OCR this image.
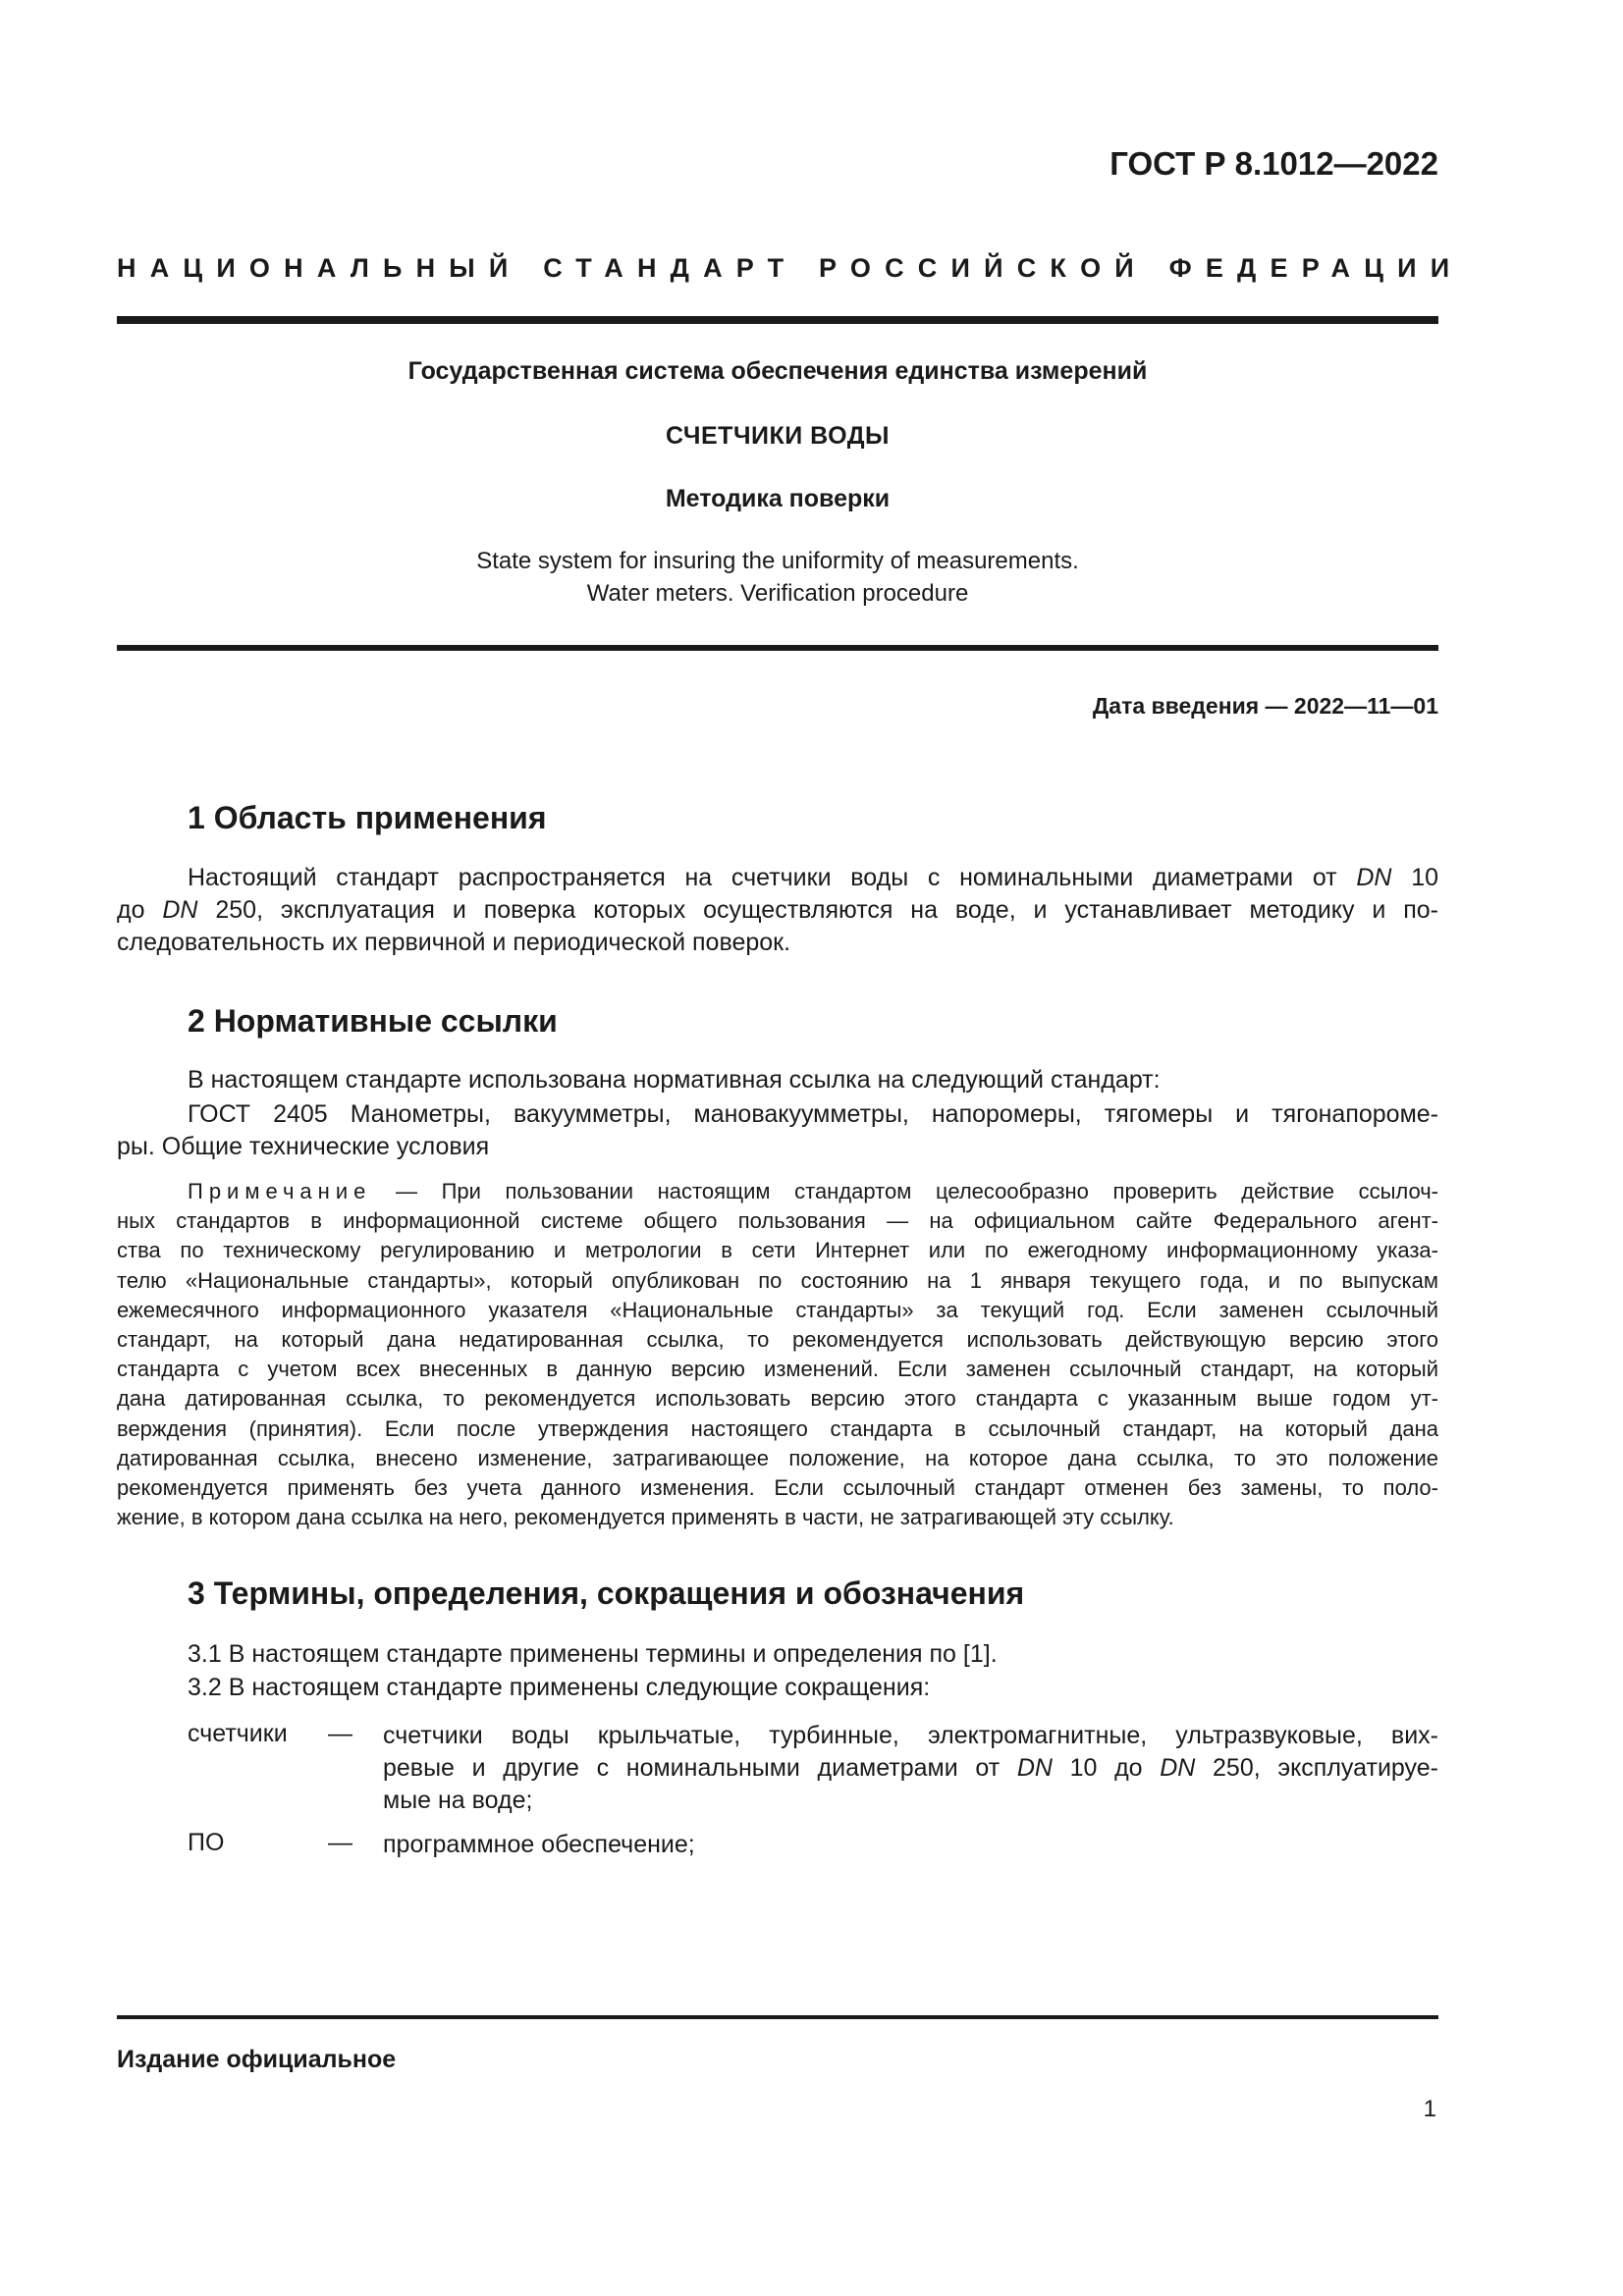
ГОСТ Р 8.1012—2022
НАЦИОНАЛЬНЫЙ СТАНДАРТ РОССИЙСКОЙ ФЕДЕРАЦИИ
Государственная система обеспечения единства измерений
СЧЕТЧИКИ ВОДЫ
Методика поверки
State system for insuring the uniformity of measurements.
Water meters. Verification procedure
Дата введения — 2022—11—01
1 Область применения
Настоящий стандарт распространяется на счетчики воды с номинальными диаметрами от DN 10
до DN 250, эксплуатация и поверка которых осуществляются на воде, и устанавливает методику и по-
следовательность их первичной и периодической поверок.
2 Нормативные ссылки
В настоящем стандарте использована нормативная ссылка на следующий стандарт:
ГОСТ 2405 Манометры, вакуумметры, мановакуумметры, напоромеры, тягомеры и тягонапороме-
ры. Общие технические условия
Примечание — При пользовании настоящим стандартом целесообразно проверить действие ссылоч-
ных стандартов в информационной системе общего пользования — на официальном сайте Федерального агент-
ства по техническому регулированию и метрологии в сети Интернет или по ежегодному информационному указа-
телю «Национальные стандарты», который опубликован по состоянию на 1 января текущего года, и по выпускам
ежемесячного информационного указателя «Национальные стандарты» за текущий год. Если заменен ссылочный
стандарт, на который дана недатированная ссылка, то рекомендуется использовать действующую версию этого
стандарта с учетом всех внесенных в данную версию изменений. Если заменен ссылочный стандарт, на который
дана датированная ссылка, то рекомендуется использовать версию этого стандарта с указанным выше годом ут-
верждения (принятия). Если после утверждения настоящего стандарта в ссылочный стандарт, на который дана
датированная ссылка, внесено изменение, затрагивающее положение, на которое дана ссылка, то это положение
рекомендуется применять без учета данного изменения. Если ссылочный стандарт отменен без замены, то поло-
жение, в котором дана ссылка на него, рекомендуется применять в части, не затрагивающей эту ссылку.
3 Термины, определения, сокращения и обозначения
3.1 В настоящем стандарте применены термины и определения по [1].
3.2 В настоящем стандарте применены следующие сокращения:
счетчики — счетчики воды крыльчатые, турбинные, электромагнитные, ультразвуковые, вих-
ревые и другие с номинальными диаметрами от DN 10 до DN 250, эксплуатируе-
мые на воде;
ПО	— программное обеспечение;
Издание официальное
1
